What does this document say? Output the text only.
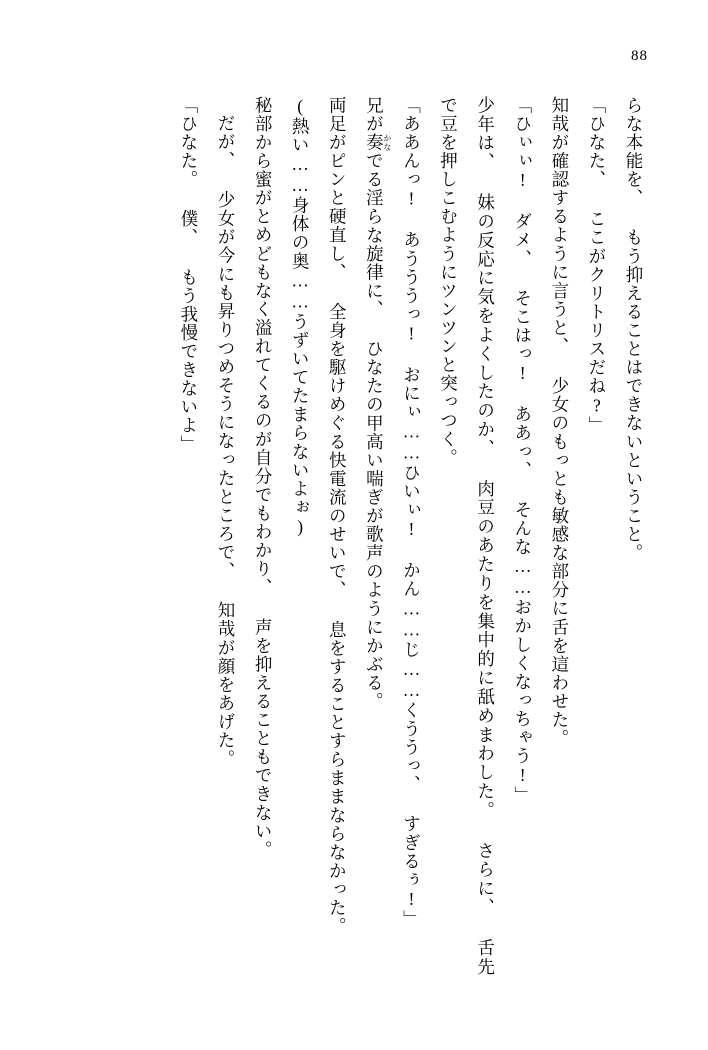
88

らな本能を、 もう抑えることはできないということ。

「ひなた、 ここがクリトリスだね?」

知哉が確認するように言うと、 少女のもっとも敏感な部分に舌を這わせた。

「ひぃぃ! ダメ、 そこはっ! ああっ、 そんな……おかしくなっちゃう!」

少年は、 妹の反応に気をよくしたのか、 肉豆のあたりを集中的に舐めまわした。 さらに、 舌先で豆を押しこむようにツンツンと突っつく。

「ああんっ! あうううっ! おにぃ……ひいぃ! かん……じ……くううっ、 すぎるぅ!」

兄が奏かなでる淫らな旋律に、 ひなたの甲高い喘ぎが歌声のようにかぶる。

両足がピンと硬直し、 全身を駆けめぐる快電流のせいで、 息をすることすらままならなかった。

(熱い……身体の奥……うずいてたまらないよぉ)

秘部から蜜がとめどもなく溢れてくるのが自分でもわかり、 声を抑えることもできない。

だが、 少女が今にも昇りつめそうになったところで、 知哉が顔をあげた。

「ひなた。 僕、 もう我慢できないよ」
